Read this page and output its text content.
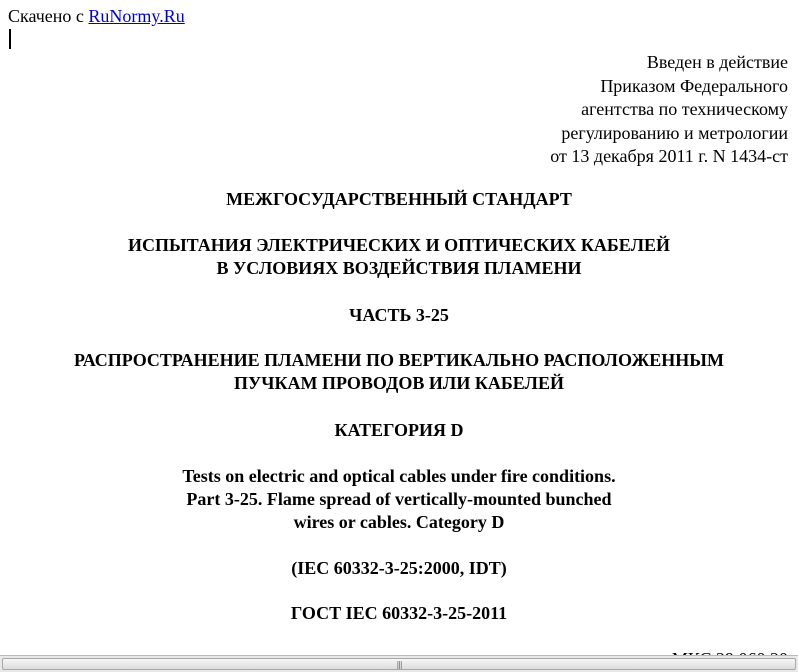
Скачено с RuNormy.Ru
Введен в действие
Приказом Федерального
агентства по техническому
регулированию и метрологии
от 13 декабря 2011 г. N 1434-ст
МЕЖГОСУДАРСТВЕННЫЙ СТАНДАРТ
ИСПЫТАНИЯ ЭЛЕКТРИЧЕСКИХ И ОПТИЧЕСКИХ КАБЕЛЕЙ
В УСЛОВИЯХ ВОЗДЕЙСТВИЯ ПЛАМЕНИ
ЧАСТЬ 3-25
РАСПРОСТРАНЕНИЕ ПЛАМЕНИ ПО ВЕРТИКАЛЬНО РАСПОЛОЖЕННЫМ
ПУЧКАМ ПРОВОДОВ ИЛИ КАБЕЛЕЙ
КАТЕГОРИЯ D
Tests on electric and optical cables under fire conditions.
Part 3-25. Flame spread of vertically-mounted bunched
wires or cables. Category D
(IEC 60332-3-25:2000, IDT)
ГОСТ IEC 60332-3-25-2011
|||
